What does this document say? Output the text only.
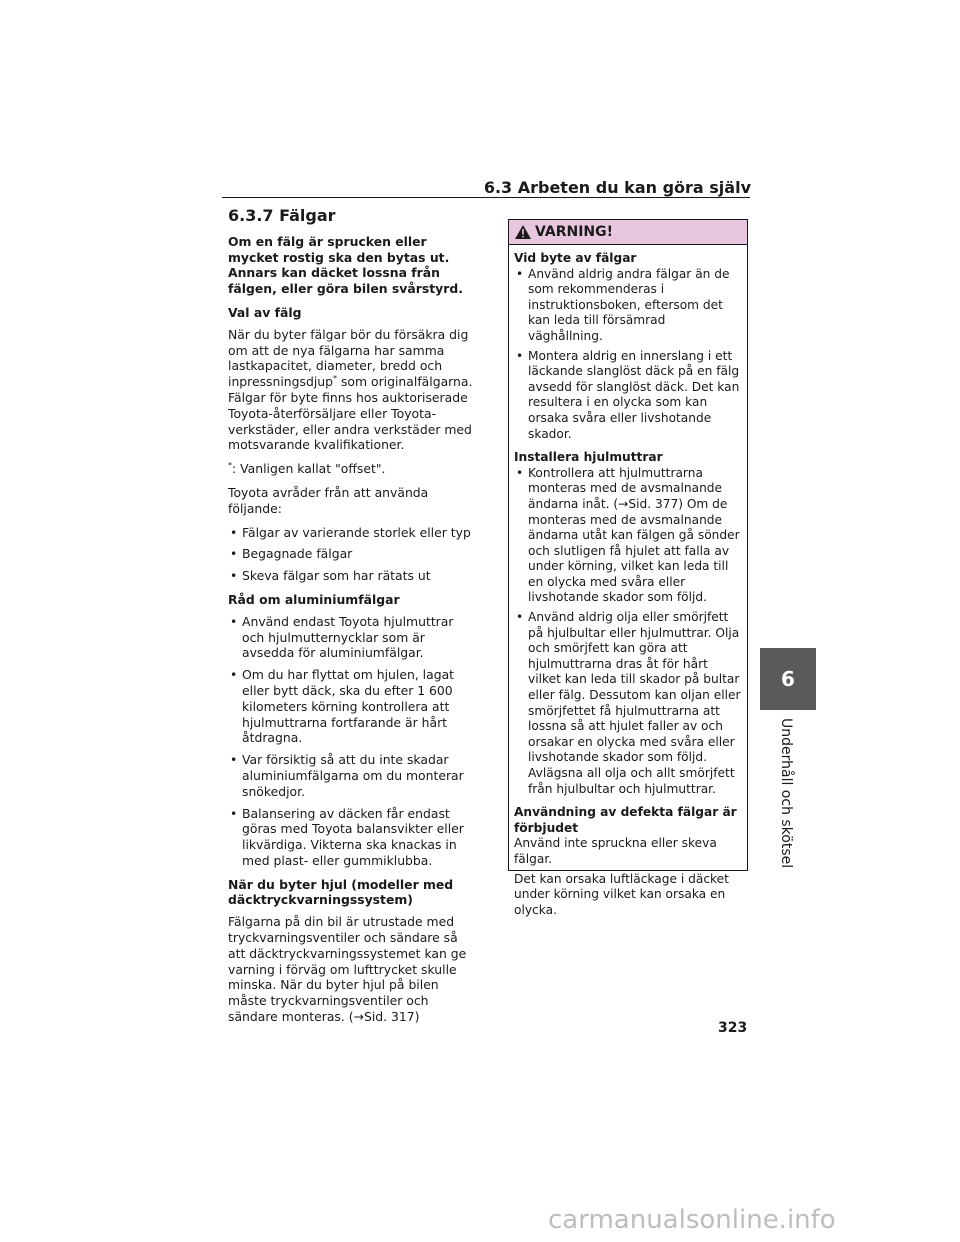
6.3 Arbeten du kan göra själv
6
Underhåll och skötsel
6.3.7 Fälgar

Om en fälg är sprucken eller mycket rostig ska den bytas ut. Annars kan däcket lossna från fälgen, eller göra bilen svårstyrd.

Val av fälg

När du byter fälgar bör du försäkra dig om att de nya fälgarna har samma lastkapacitet, diameter, bredd och inpressningsdjup* som originalfälgarna. Fälgar för byte finns hos auktoriserade Toyota-återförsäljare eller Toyota-verkstäder, eller andra verkstäder med motsvarande kvalifikationer.

*: Vanligen kallat "offset".

Toyota avråder från att använda följande:

• Fälgar av varierande storlek eller typ
• Begagnade fälgar
• Skeva fälgar som har rätats ut

Råd om aluminiumfälgar

• Använd endast Toyota hjulmuttrar och hjulmutternycklar som är avsedda för aluminiumfälgar.
• Om du har flyttat om hjulen, lagat eller bytt däck, ska du efter 1 600 kilometers körning kontrollera att hjulmuttrarna fortfarande är hårt åtdragna.
• Var försiktig så att du inte skadar aluminiumfälgarna om du monterar snökedjor.
• Balansering av däcken får endast göras med Toyota balansvikter eller likvärdiga. Vikterna ska knackas in med plast- eller gummiklubba.

När du byter hjul (modeller med däcktryckvarningssystem)

Fälgarna på din bil är utrustade med tryckvarningsventiler och sändare så att däcktryckvarningssystemet kan ge varning i förväg om lufttrycket skulle minska. När du byter hjul på bilen måste tryckvarningsventiler och sändare monteras. (→Sid. 317)

VARNING!

Vid byte av fälgar

• Använd aldrig andra fälgar än de som rekommenderas i instruktionsboken, eftersom det kan leda till försämrad väghållning.
• Montera aldrig en innerslang i ett läckande slanglöst däck på en fälg avsedd för slanglöst däck. Det kan resultera i en olycka som kan orsaka svåra eller livshotande skador.

Installera hjulmuttrar

• Kontrollera att hjulmuttrarna monteras med de avsmalnande ändarna inåt. (→Sid. 377) Om de monteras med de avsmalnande ändarna utåt kan fälgen gå sönder och slutligen få hjulet att falla av under körning, vilket kan leda till en olycka med svåra eller livshotande skador som följd.
• Använd aldrig olja eller smörjfett på hjulbultar eller hjulmuttrar. Olja och smörjfett kan göra att hjulmuttrarna dras åt för hårt vilket kan leda till skador på bultar eller fälg. Dessutom kan oljan eller smörjfettet få hjulmuttrarna att lossna så att hjulet faller av och orsakar en olycka med svåra eller livshotande skador som följd. Avlägsna all olja och allt smörjfett från hjulbultar och hjulmuttrar.

Användning av defekta fälgar är förbjudet

Använd inte spruckna eller skeva fälgar.

Det kan orsaka luftläckage i däcket under körning vilket kan orsaka en olycka.

323
carmanualsonline.info
